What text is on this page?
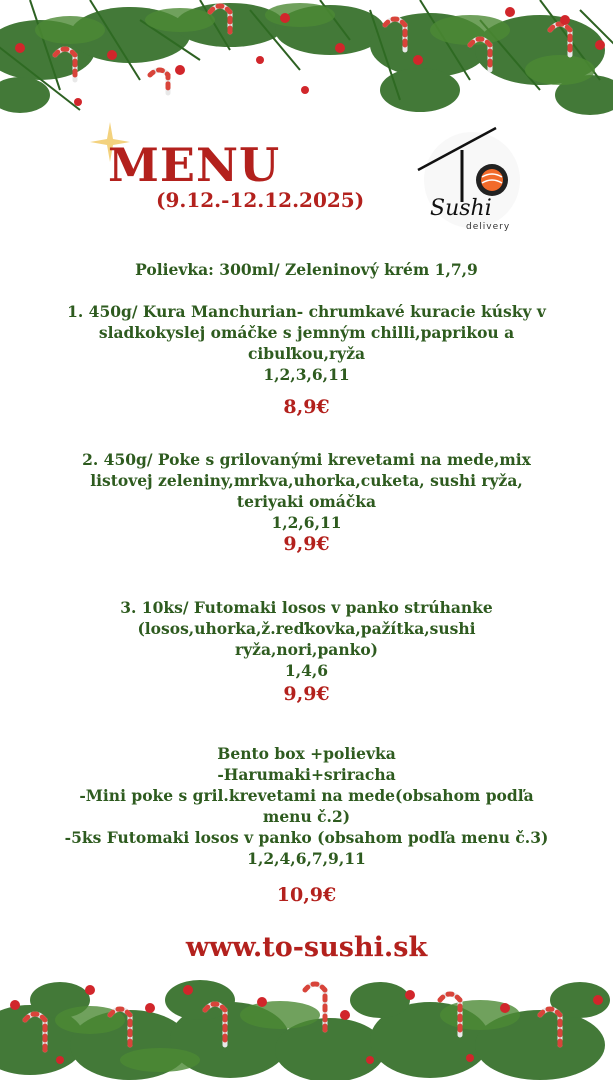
MENU
(9.12.-12.12.2025)	Sushi
delivery
Polievka: 300ml/ Zeleninový krém 1,7,9
1. 450g/ Kura Manchurian- chrumkavé kuracie kúsky v
sladkokyslej omáčke s jemným chilli,paprikou a
cibuľkou,ryža
1,2,3,6,11
8,9€
2. 450g/ Poke s grilovanými krevetami na mede,mix
listovej zeleniny,mrkva,uhorka,cuketa, sushi ryža,
teriyaki omáčka
1,2,6,11
9,9€
3. 10ks/ Futomaki losos v panko strúhanke
(losos,uhorka,ž.reďkovka,pažítka,sushi
ryža,nori,panko)
1,4,6
9,9€
Bento box +polievka
-Harumaki+sriracha
-Mini poke s gril.krevetami na mede(obsahom podľa
menu č.2)
-5ks Futomaki losos v panko (obsahom podľa menu č.3)
1,2,4,6,7,9,11
10,9€
www.to-sushi.sk
